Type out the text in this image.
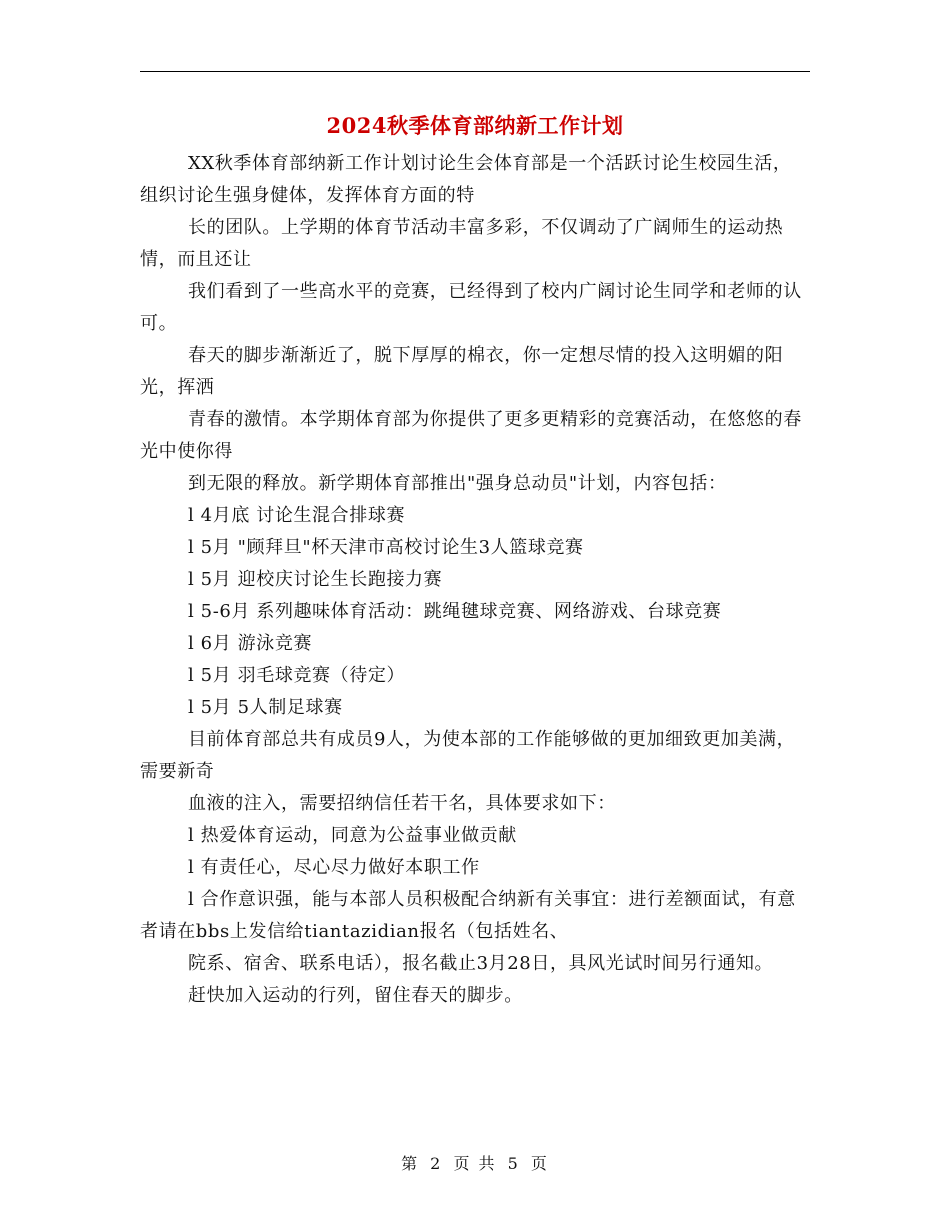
2024秋季体育部纳新工作计划

XX秋季体育部纳新工作计划讨论生会体育部是一个活跃讨论生校园生活，组织讨论生强身健体，发挥体育方面的特

长的团队。上学期的体育节活动丰富多彩，不仅调动了广阔师生的运动热情，而且还让

我们看到了一些高水平的竞赛，已经得到了校内广阔讨论生同学和老师的认可。

春天的脚步渐渐近了，脱下厚厚的棉衣，你一定想尽情的投入这明媚的阳光，挥洒

青春的激情。本学期体育部为你提供了更多更精彩的竞赛活动，在悠悠的春光中使你得

到无限的释放。新学期体育部推出"强身总动员"计划，内容包括：

l 4月底 讨论生混合排球赛

l 5月 "顾拜旦"杯天津市高校讨论生3人篮球竞赛

l 5月 迎校庆讨论生长跑接力赛

l 5-6月 系列趣味体育活动：跳绳毽球竞赛、网络游戏、台球竞赛

l 6月 游泳竞赛

l 5月 羽毛球竞赛（待定）

l 5月 5人制足球赛

目前体育部总共有成员9人，为使本部的工作能够做的更加细致更加美满，需要新奇

血液的注入，需要招纳信任若干名，具体要求如下：

l 热爱体育运动，同意为公益事业做贡献

l 有责任心，尽心尽力做好本职工作

l 合作意识强，能与本部人员积极配合纳新有关事宜：进行差额面试，有意者请在bbs上发信给tiantazidian报名（包括姓名、

院系、宿舍、联系电话），报名截止3月28日，具风光试时间另行通知。

赶快加入运动的行列，留住春天的脚步。

第 2 页 共 5 页
